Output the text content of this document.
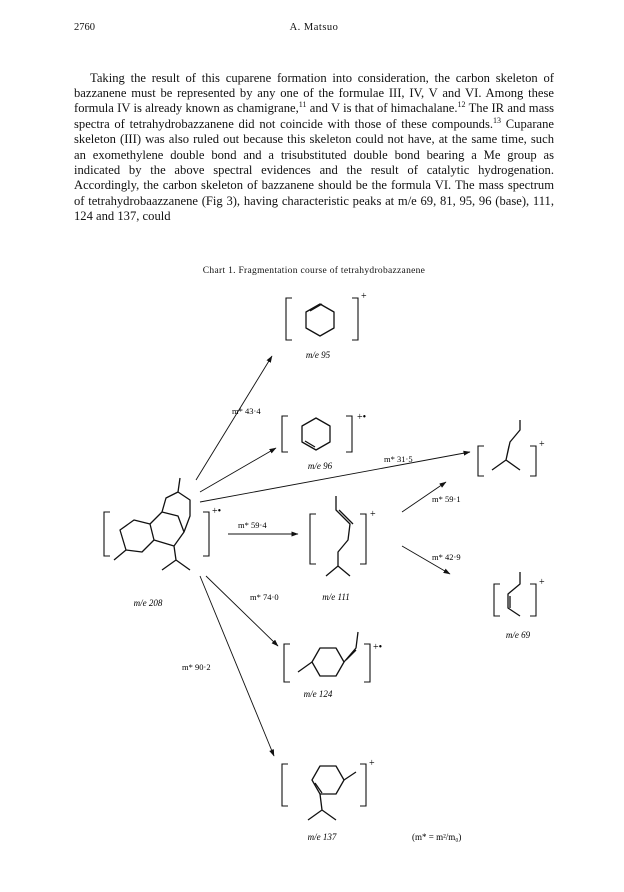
2760	A. Matsuo

Taking the result of this cuparene formation into consideration, the carbon skeleton of bazzanene must be represented by any one of the formulae III, IV, V and VI. Among these formula IV is already known as chamigrane,$^{11}$ and V is that of himachalane.$^{12}$ The IR and mass spectra of tetrahydrobazzanene did not coincide with those of these compounds.$^{13}$ Cuparane skeleton (III) was also ruled out because this skeleton could not have, at the same time, such an exomethylene double bond and a trisubstituted double bond bearing a Me group as indicated by the above spectral evidences and the result of catalytic hydrogenation. Accordingly, the carbon skeleton of bazzanene should be the formula VI. The mass spectrum of tetrahydrobaazzanene (Fig 3), having characteristic peaks at m/e 69, 81, 95, 96 (base), 111, 124 and 137, could

Chart 1. Fragmentation course of tetrahydrobazzanene
+
m/e 95
+•
m/e 96
+
+•
m/e 208
+
m/e 111
+
m/e 69
+•
m/e 124
+
m/e 137
m* 43·4
m* 31·5
m* 59·4
m* 59·1
m* 42·9
m* 74·0
m* 90·2
(m* = m²/m₀)
